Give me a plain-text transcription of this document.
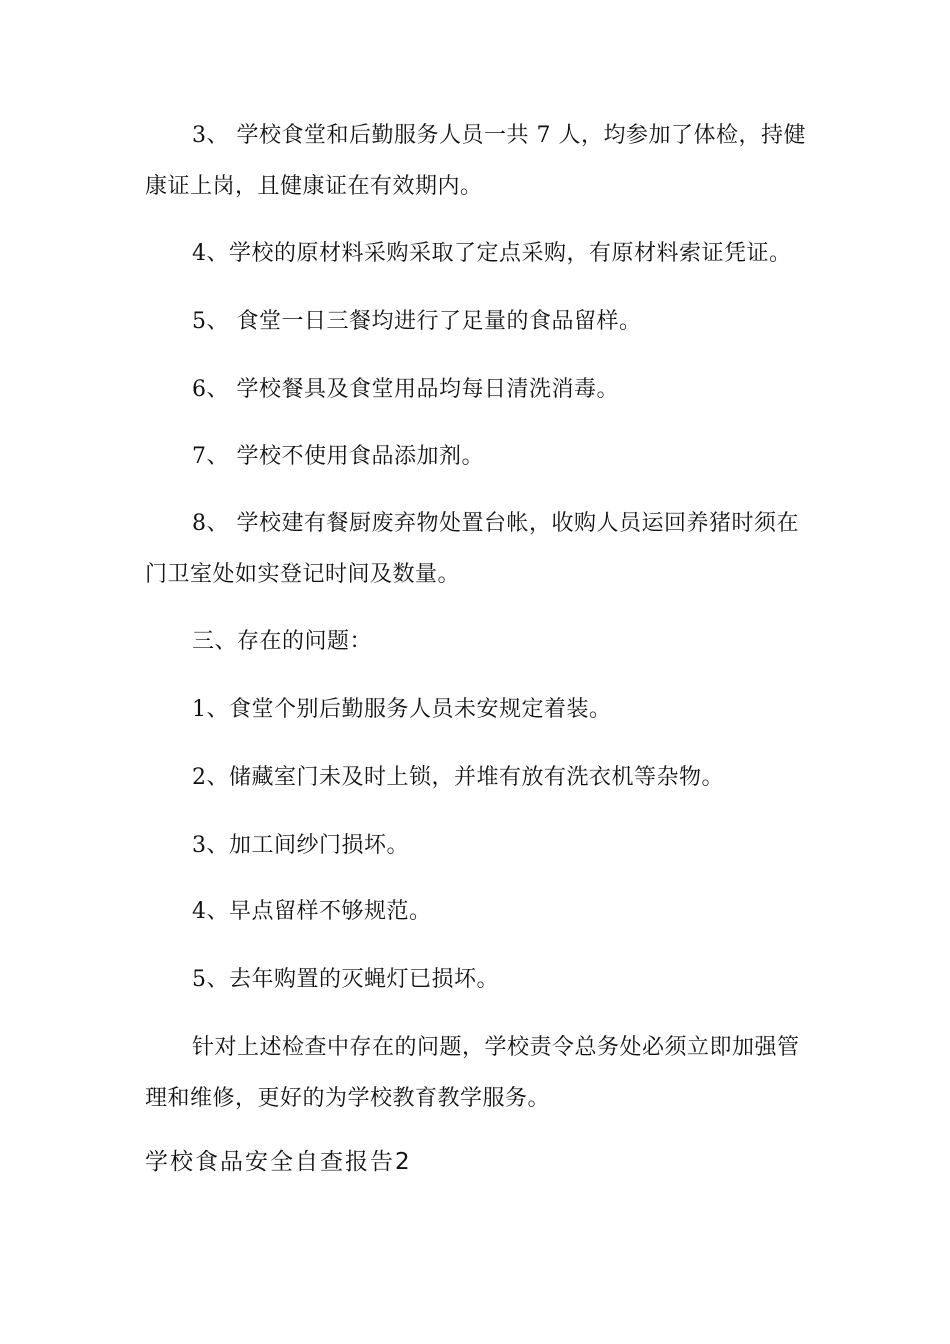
3、 学校食堂和后勤服务人员一共 7 人，均参加了体检，持健康证上岗，且健康证在有效期内。

4、学校的原材料采购采取了定点采购，有原材料索证凭证。

5、 食堂一日三餐均进行了足量的食品留样。

6、 学校餐具及食堂用品均每日清洗消毒。

7、 学校不使用食品添加剂。

8、 学校建有餐厨废弃物处置台帐，收购人员运回养猪时须在门卫室处如实登记时间及数量。

三、存在的问题：

1、食堂个别后勤服务人员未安规定着装。

2、储藏室门未及时上锁，并堆有放有洗衣机等杂物。

3、加工间纱门损坏。

4、早点留样不够规范。

5、去年购置的灭蝇灯已损坏。

针对上述检查中存在的问题，学校责令总务处必须立即加强管理和维修，更好的为学校教育教学服务。

学校食品安全自查报告2
